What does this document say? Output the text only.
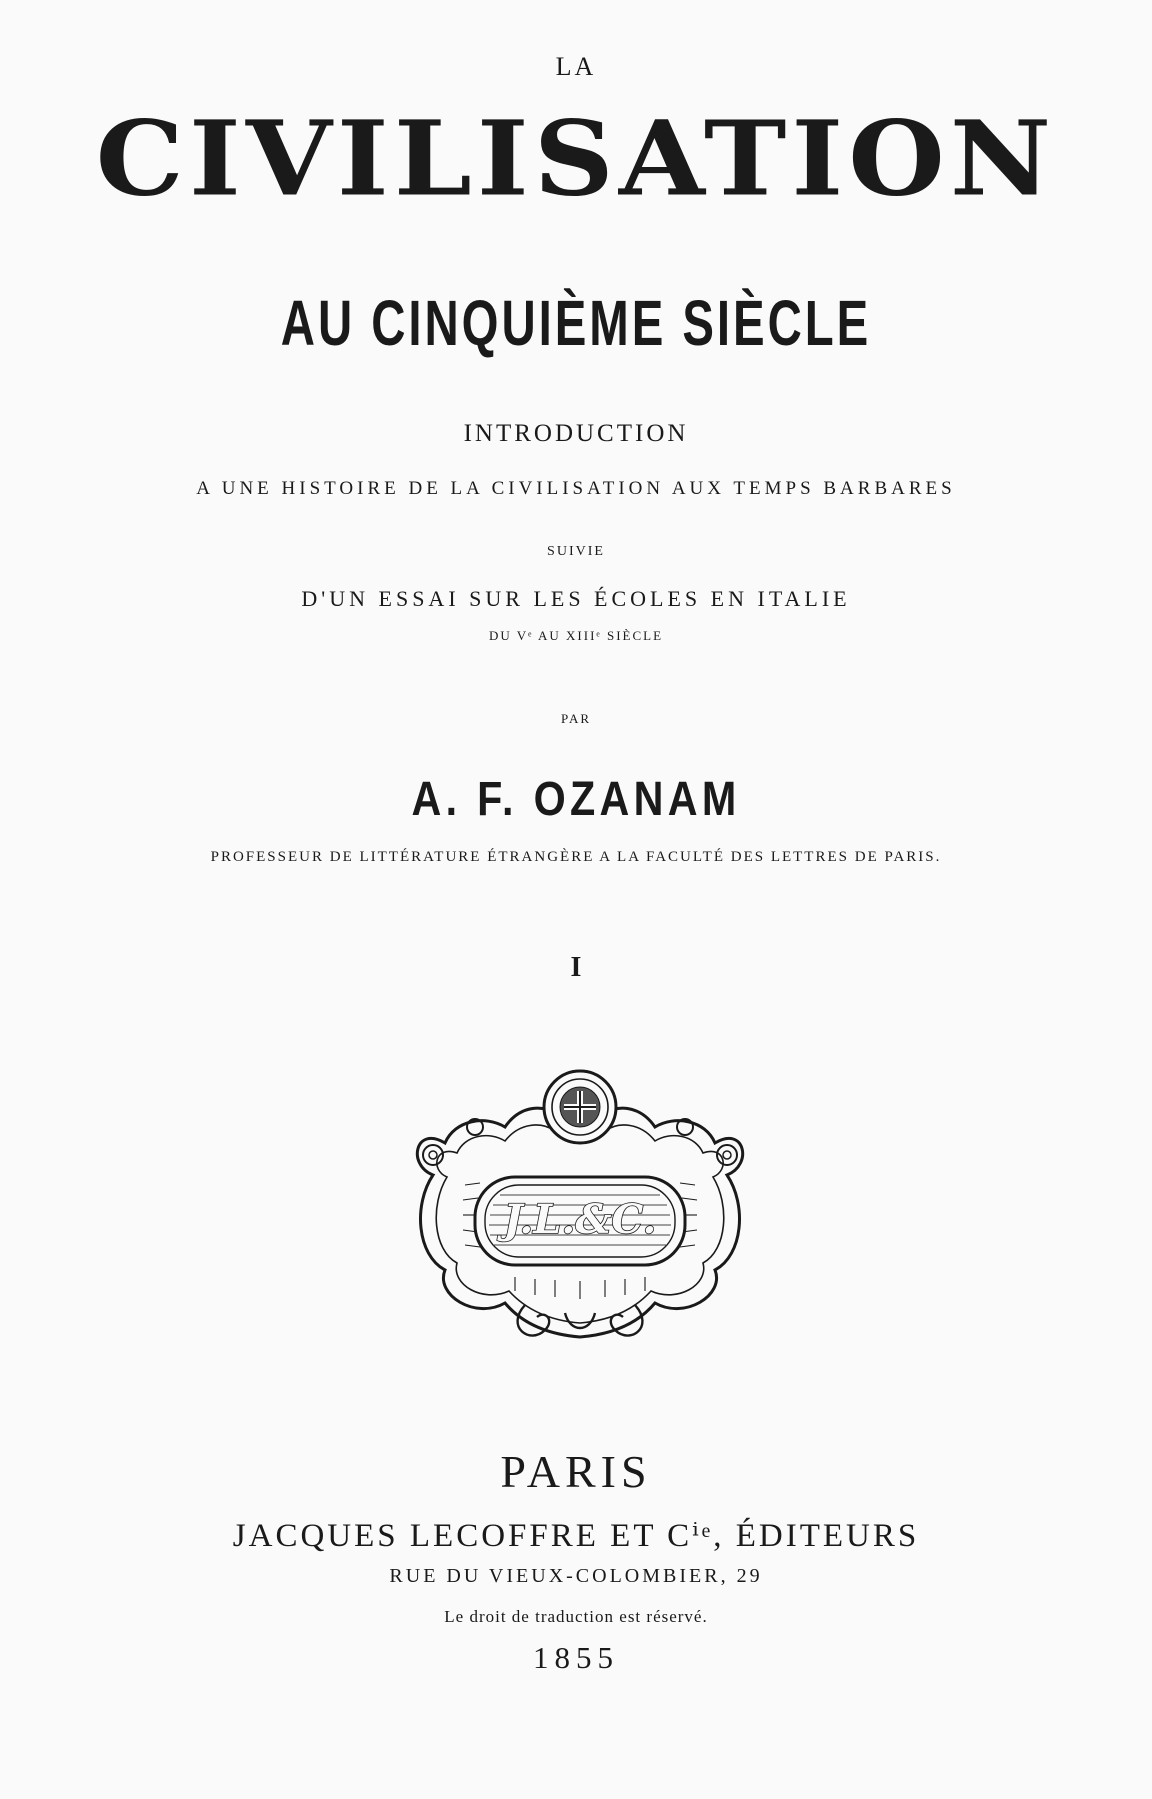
LA
CIVILISATION
AU CINQUIÈME SIÈCLE
INTRODUCTION
A UNE HISTOIRE DE LA CIVILISATION AUX TEMPS BARBARES
SUIVIE
D'UN ESSAI SUR LES ÉCOLES EN ITALIE
DU Vᵉ AU XIIIᵉ SIÈCLE
PAR
A. F. OZANAM
PROFESSEUR DE LITTÉRATURE ÉTRANGÈRE A LA FACULTÉ DES LETTRES DE PARIS.
I
J.L.&C.
PARIS
JACQUES LECOFFRE ET Cⁱᵉ, ÉDITEURS
RUE DU VIEUX-COLOMBIER, 29
Le droit de traduction est réservé.
1855
